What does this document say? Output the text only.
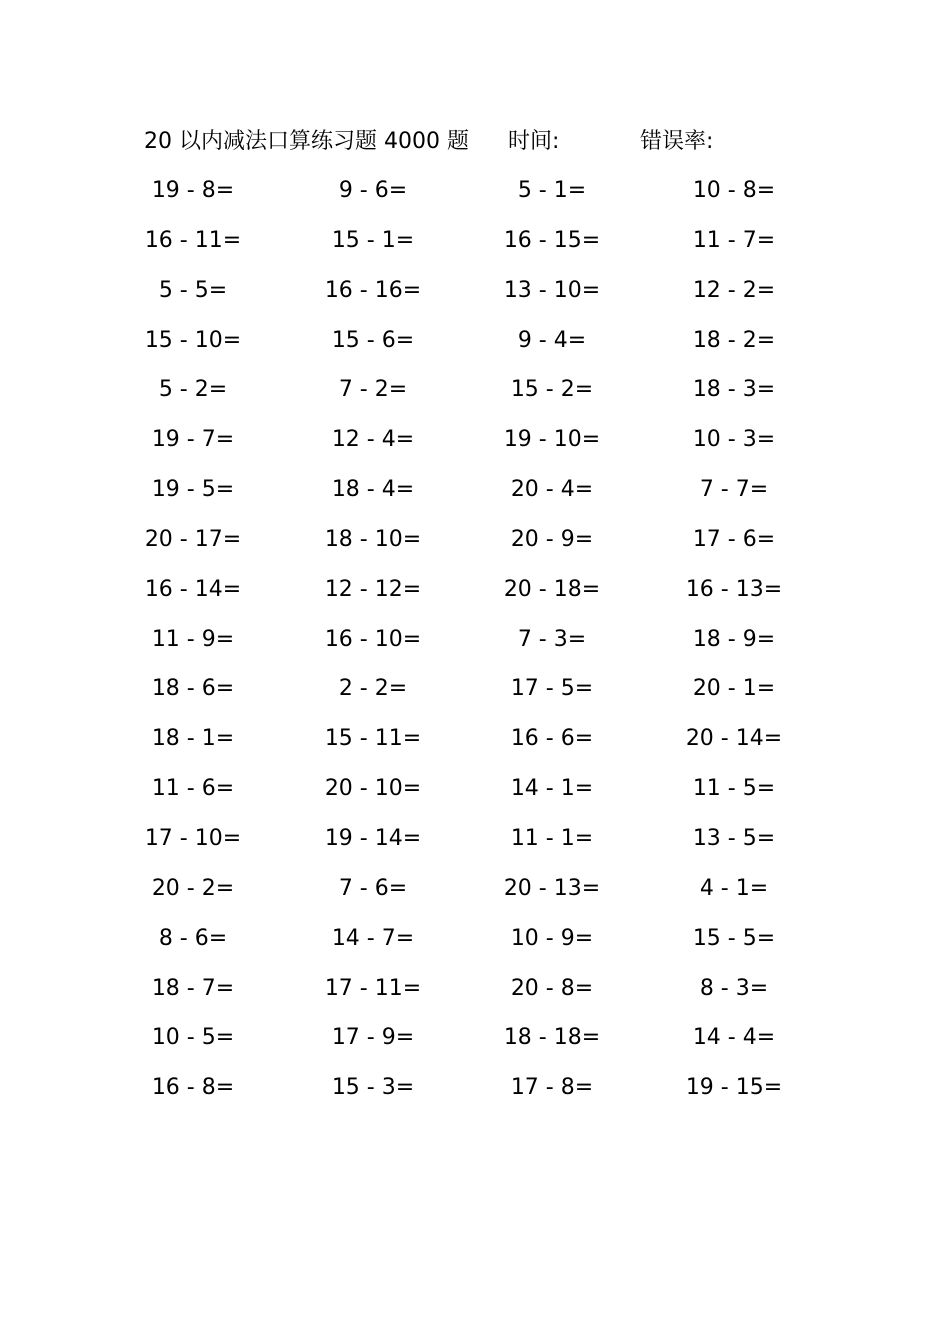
20 以内减法口算练习题 4000 题 时间:	错误率:
19 - 8=	9 - 6=	5 - 1=	10 - 8=
16 - 11=	15 - 1=	16 - 15=	11 - 7=
5 - 5=	16 - 16=	13 - 10=	12 - 2=
15 - 10=	15 - 6=	9 - 4=	18 - 2=
5 - 2=	7 - 2=	15 - 2=	18 - 3=
19 - 7=	12 - 4=	19 - 10=	10 - 3=
19 - 5=	18 - 4=	20 - 4=	7 - 7=
20 - 17=	18 - 10=	20 - 9=	17 - 6=
16 - 14=	12 - 12=	20 - 18=	16 - 13=
11 - 9=	16 - 10=	7 - 3=	18 - 9=
18 - 6=	2 - 2=	17 - 5=	20 - 1=
18 - 1=	15 - 11=	16 - 6=	20 - 14=
11 - 6=	20 - 10=	14 - 1=	11 - 5=
17 - 10=	19 - 14=	11 - 1=	13 - 5=
20 - 2=	7 - 6=	20 - 13=	4 - 1=
8 - 6=	14 - 7=	10 - 9=	15 - 5=
18 - 7=	17 - 11=	20 - 8=	8 - 3=
10 - 5=	17 - 9=	18 - 18=	14 - 4=
16 - 8=	15 - 3=	17 - 8=	19 - 15=
